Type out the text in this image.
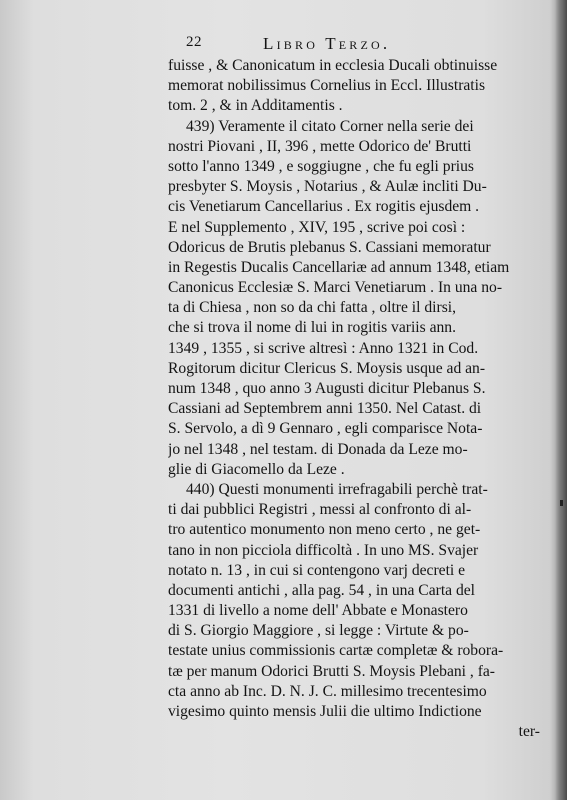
22	Libro Terzo.
fuisse , & Canonicatum in ecclesia Ducali obtinuisse
memorat nobilissimus Cornelius in Eccl. Illustratis
tom. 2 , & in Additamentis .
439) Veramente il citato Corner nella serie dei
nostri Piovani , II, 396 , mette Odorico de' Brutti
sotto l'anno 1349 , e soggiugne , che fu egli prius
presbyter S. Moysis , Notarius , & Aulæ incliti Du-
cis Venetiarum Cancellarius . Ex rogitis ejusdem .
E nel Supplemento , XIV, 195 , scrive poi così :
Odoricus de Brutis plebanus S. Cassiani memoratur
in Regestis Ducalis Cancellariæ ad annum 1348, etiam
Canonicus Ecclesiæ S. Marci Venetiarum . In una no-
ta di Chiesa , non so da chi fatta , oltre il dirsi,
che si trova il nome di lui in rogitis variis ann.
1349 , 1355 , si scrive altresì : Anno 1321 in Cod.
Rogitorum dicitur Clericus S. Moysis usque ad an-
num 1348 , quo anno 3 Augusti dicitur Plebanus S.
Cassiani ad Septembrem anni 1350. Nel Catast. di
S. Servolo, a dì 9 Gennaro , egli comparisce Nota-
jo nel 1348 , nel testam. di Donada da Leze mo-
glie di Giacomello da Leze .
440) Questi monumenti irrefragabili perchè trat-
ti dai pubblici Registri , messi al confronto di al-
tro autentico monumento non meno certo , ne get-
tano in non picciola difficoltà . In uno MS. Svajer
notato n. 13 , in cui si contengono varj decreti e
documenti antichi , alla pag. 54 , in una Carta del
1331 di livello a nome dell' Abbate e Monastero
di S. Giorgio Maggiore , si legge : Virtute & po-
testate unius commissionis cartæ completæ & robora-
tæ per manum Odorici Brutti S. Moysis Plebani , fa-
cta anno ab Inc. D. N. J. C. millesimo trecentesimo
vigesimo quinto mensis Julii die ultimo Indictione
ter-
